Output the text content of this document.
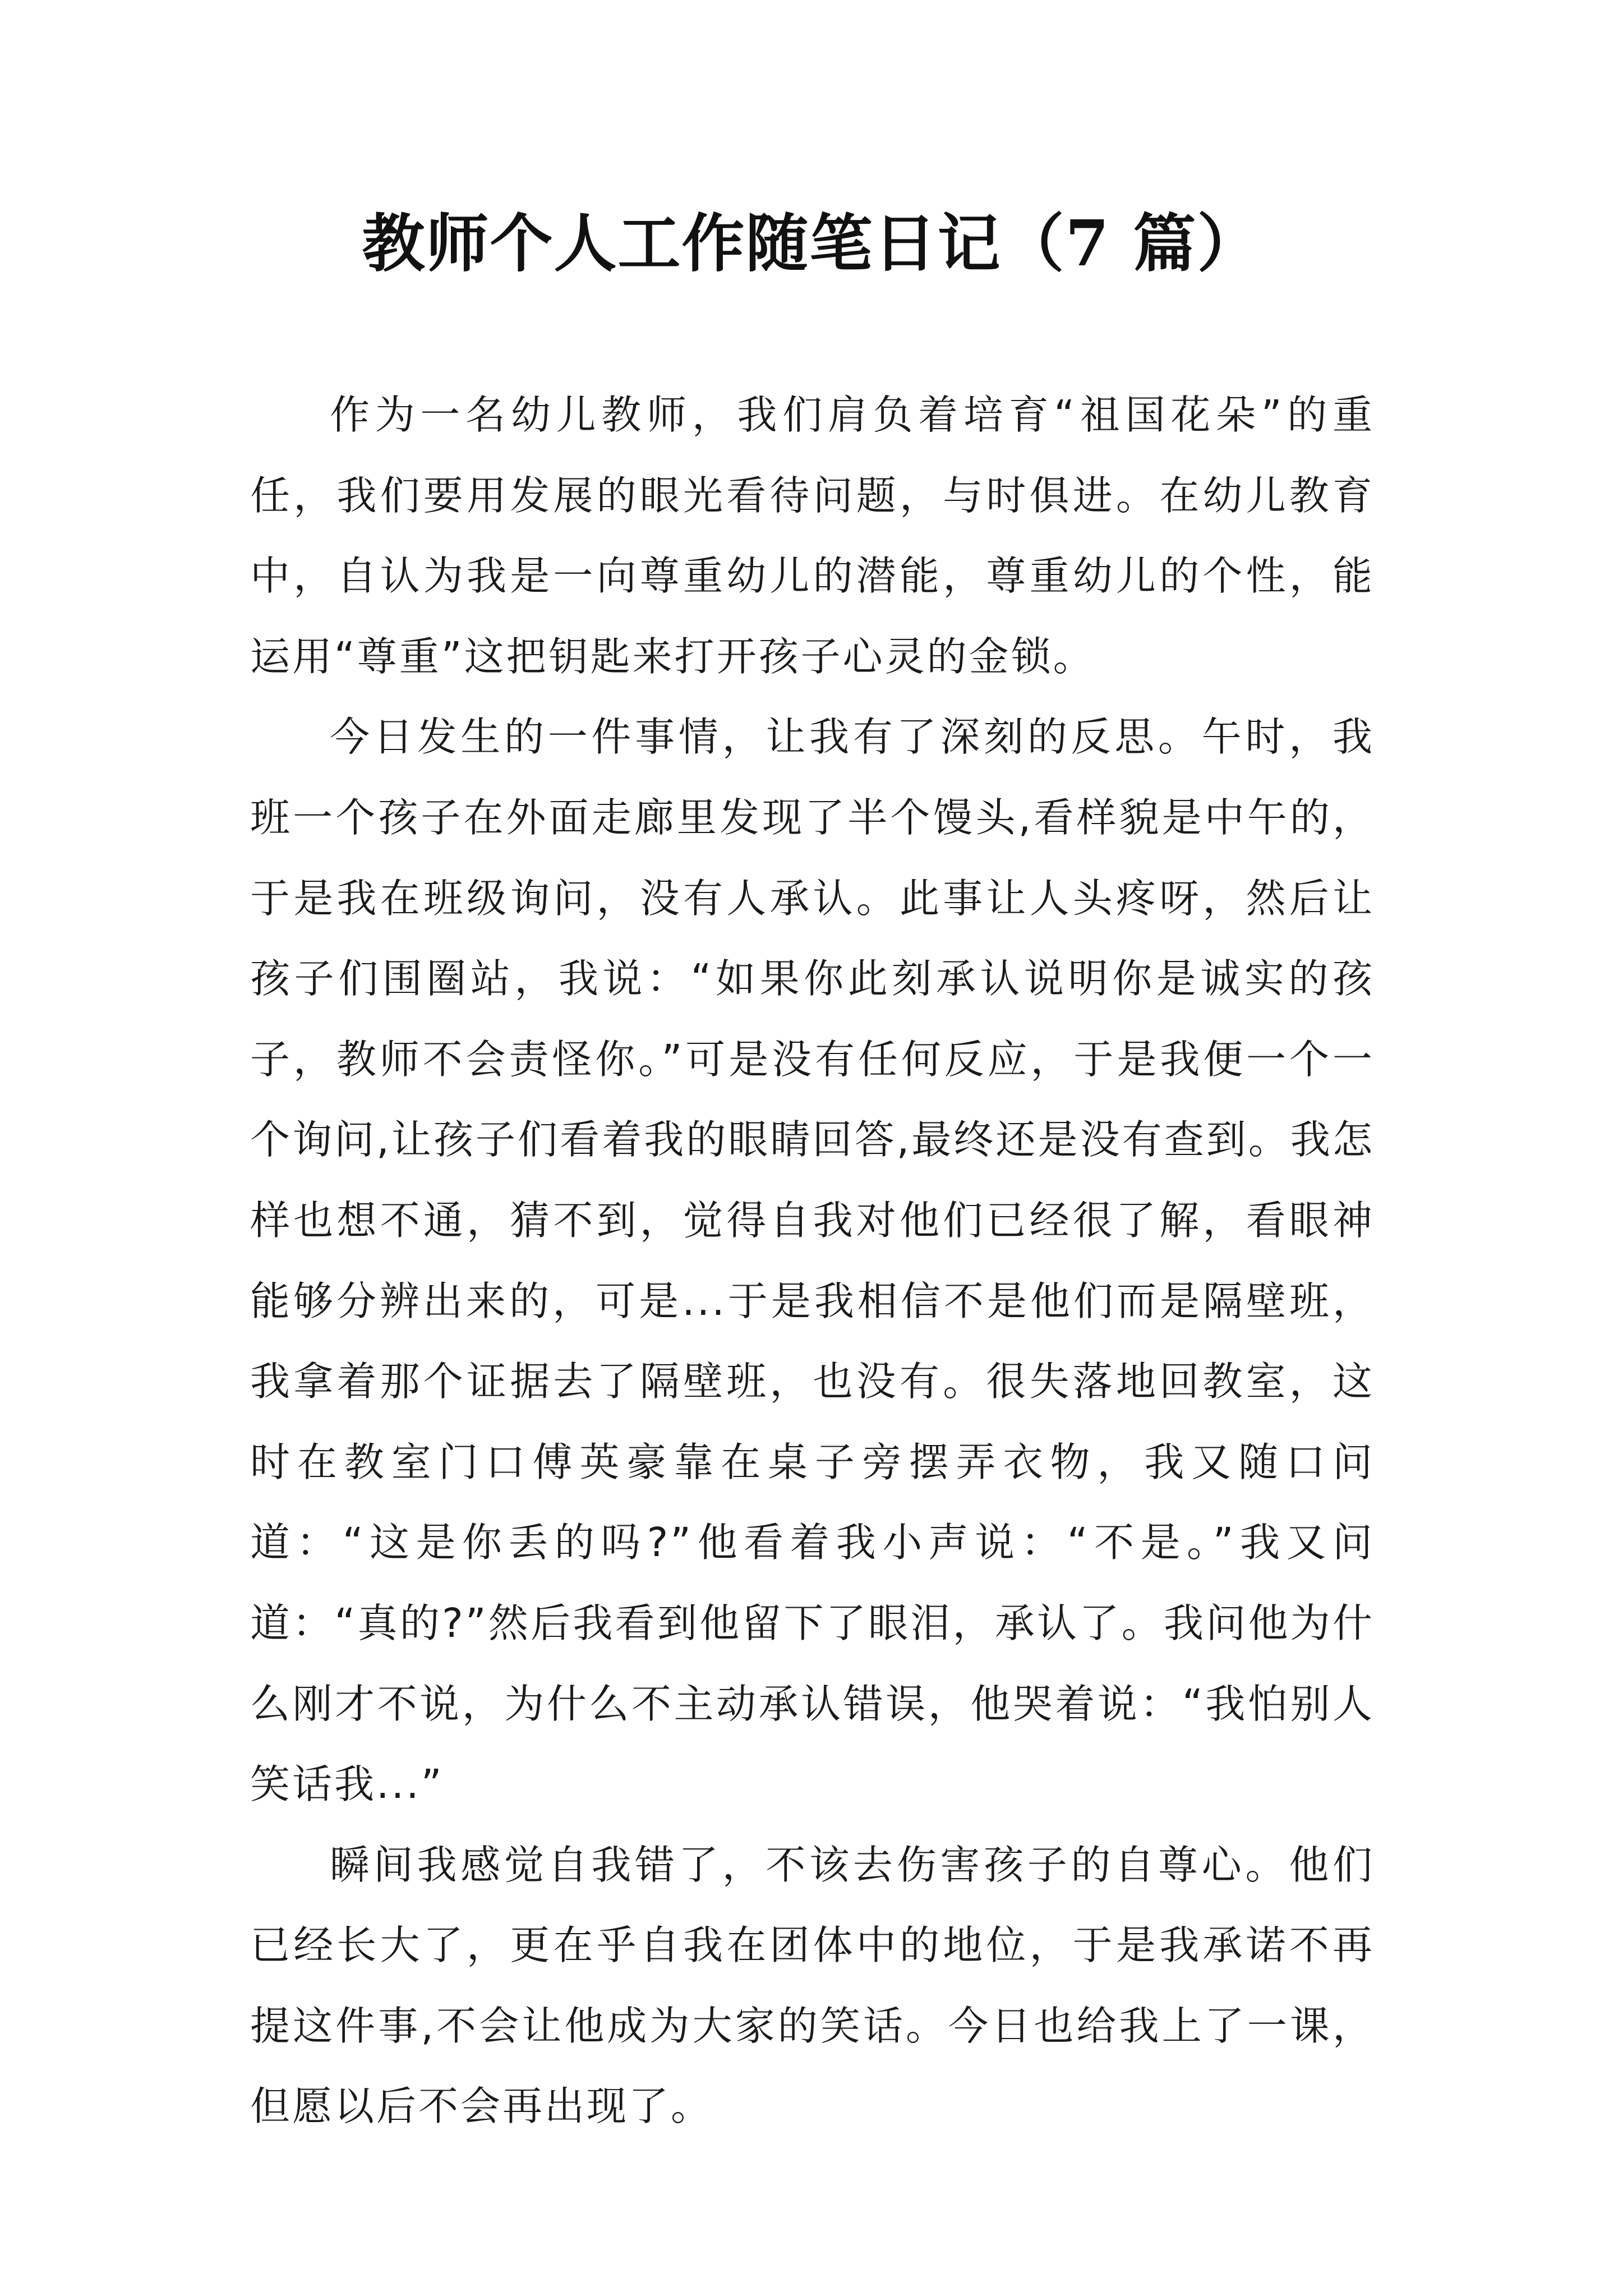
教师个人工作随笔日记（7 篇）

作为一名幼儿教师，我们肩负着培育“祖国花朵”的重任，我们要用发展的眼光看待问题，与时俱进。在幼儿教育中，自认为我是一向尊重幼儿的潜能，尊重幼儿的个性，能运用“尊重”这把钥匙来打开孩子心灵的金锁。

今日发生的一件事情，让我有了深刻的反思。午时，我班一个孩子在外面走廊里发现了半个馒头,看样貌是中午的，于是我在班级询问，没有人承认。此事让人头疼呀，然后让孩子们围圈站，我说：“如果你此刻承认说明你是诚实的孩子，教师不会责怪你。”可是没有任何反应，于是我便一个一个询问,让孩子们看着我的眼睛回答,最终还是没有查到。我怎样也想不通，猜不到，觉得自我对他们已经很了解，看眼神能够分辨出来的，可是...于是我相信不是他们而是隔壁班，我拿着那个证据去了隔壁班，也没有。很失落地回教室，这时在教室门口傅英豪靠在桌子旁摆弄衣物，我又随口问道：“这是你丢的吗?”他看着我小声说：“不是。”我又问道：“真的?”然后我看到他留下了眼泪，承认了。我问他为什么刚才不说，为什么不主动承认错误，他哭着说：“我怕别人笑话我...”

瞬间我感觉自我错了，不该去伤害孩子的自尊心。他们已经长大了，更在乎自我在团体中的地位，于是我承诺不再提这件事,不会让他成为大家的笑话。今日也给我上了一课，但愿以后不会再出现了。
